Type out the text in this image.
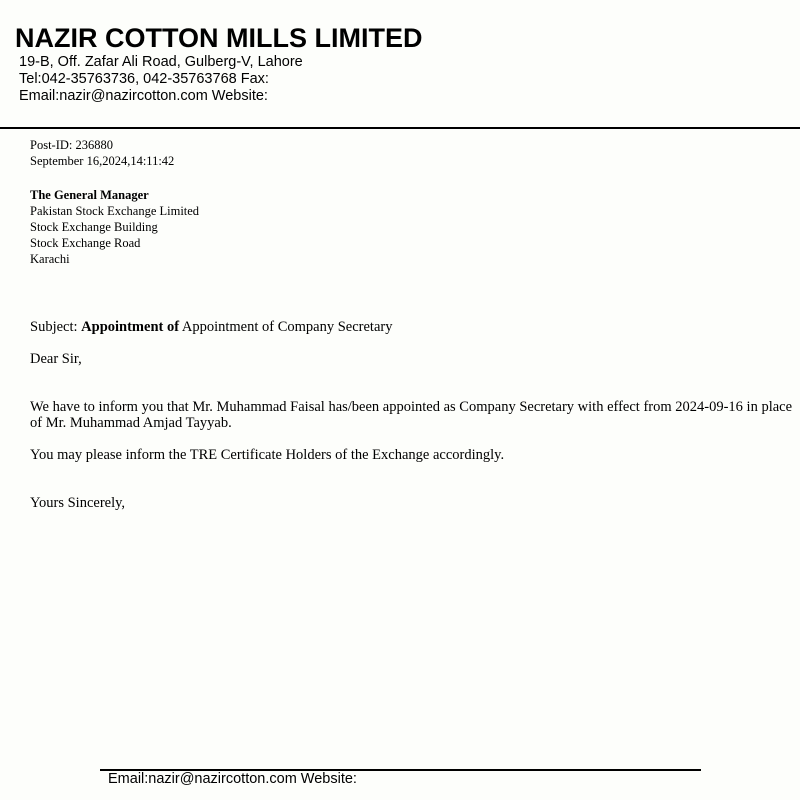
NAZIR COTTON MILLS LIMITED
19-B, Off. Zafar Ali Road, Gulberg-V, Lahore
Tel:042-35763736, 042-35763768 Fax:
Email:nazir@nazircotton.com Website:
Post-ID: 236880
September 16,2024,14:11:42
The General Manager
Pakistan Stock Exchange Limited
Stock Exchange Building
Stock Exchange Road
Karachi
Subject: Appointment of Appointment of Company Secretary
Dear Sir,
We have to inform you that Mr. Muhammad Faisal has/been appointed as Company Secretary with effect from 2024-09-16 in place of Mr. Muhammad Amjad Tayyab.
You may please inform the TRE Certificate Holders of the Exchange accordingly.
Yours Sincerely,
Email:nazir@nazircotton.com Website:
